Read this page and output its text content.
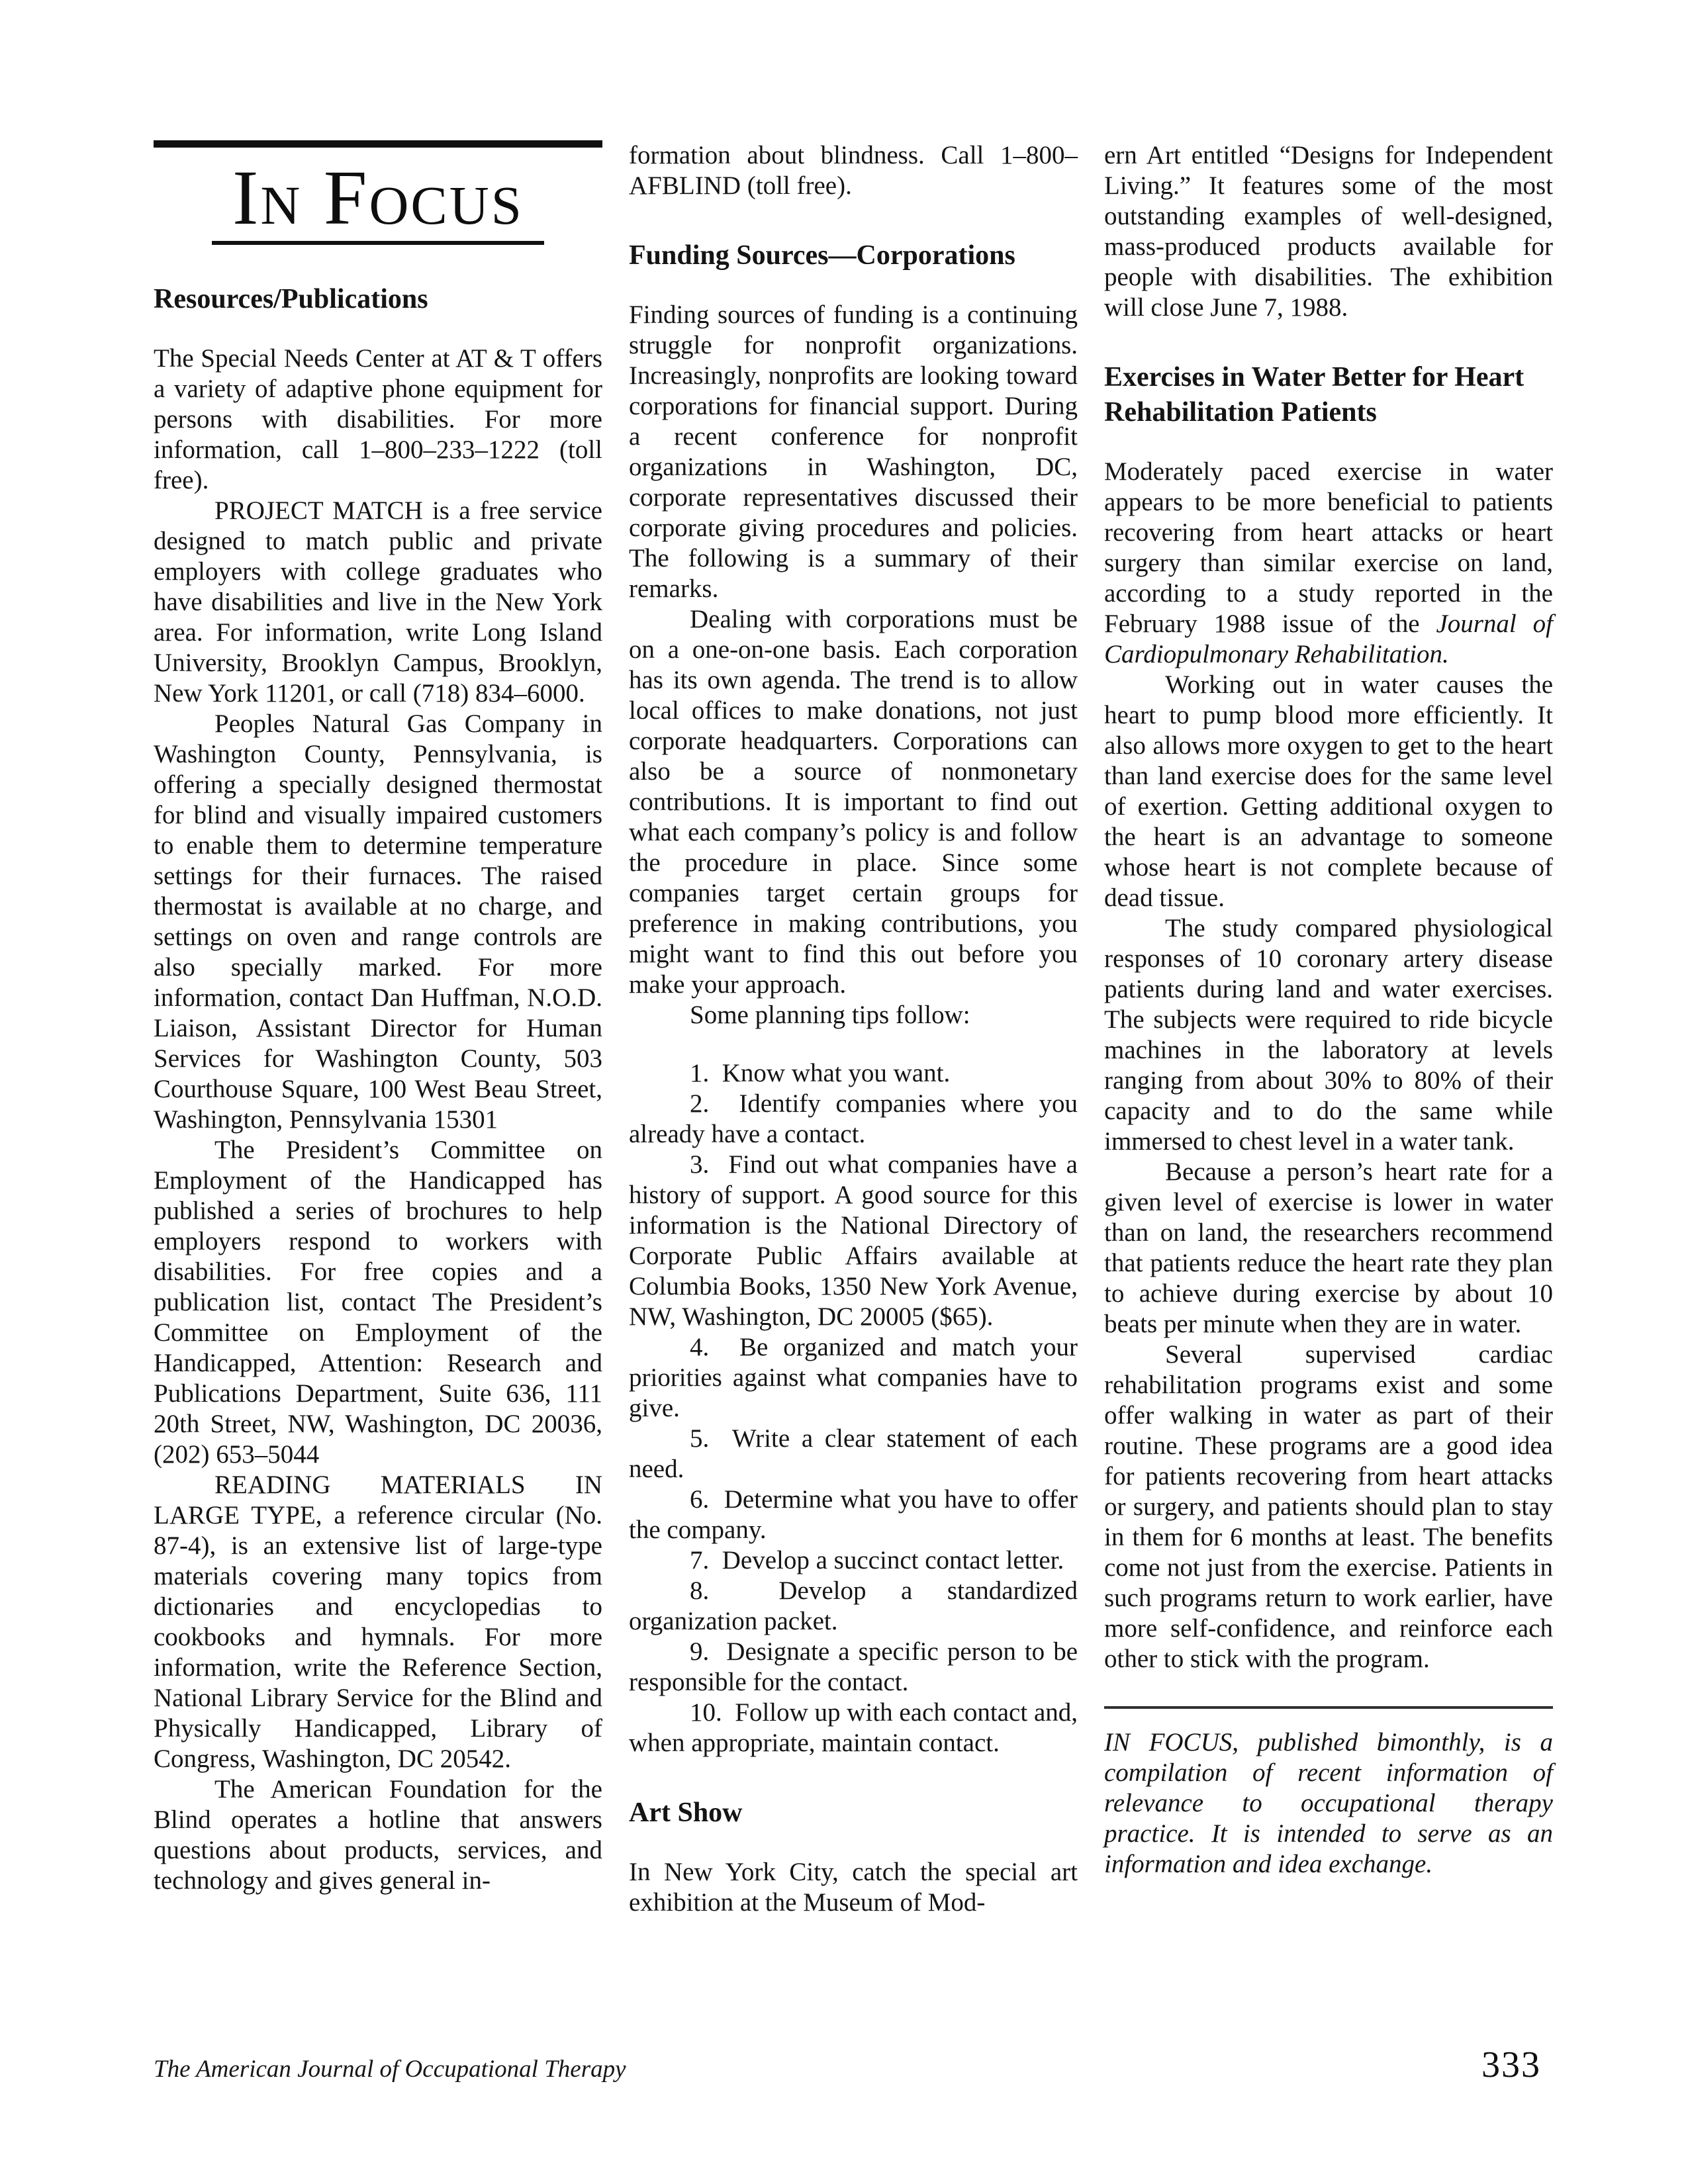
In Focus
Resources/Publications

The Special Needs Center at AT & T offers a variety of adaptive phone equipment for persons with disabilities. For more information, call 1–800–233–1222 (toll free).

PROJECT MATCH is a free service designed to match public and private employers with college graduates who have disabilities and live in the New York area. For information, write Long Island University, Brooklyn Campus, Brooklyn, New York 11201, or call (718) 834–6000.

Peoples Natural Gas Company in Washington County, Pennsylvania, is offering a specially designed thermostat for blind and visually impaired customers to enable them to determine temperature settings for their furnaces. The raised thermostat is available at no charge, and settings on oven and range controls are also specially marked. For more information, contact Dan Huffman, N.O.D. Liaison, Assistant Director for Human Services for Washington County, 503 Courthouse Square, 100 West Beau Street, Washington, Pennsylvania 15301

The President’s Committee on Employment of the Handicapped has published a series of brochures to help employers respond to workers with disabilities. For free copies and a publication list, contact The President’s Committee on Employment of the Handicapped, Attention: Research and Publications Department, Suite 636, 111 20th Street, NW, Washington, DC 20036, (202) 653–5044

READING MATERIALS IN LARGE TYPE, a reference circular (No. 87-4), is an extensive list of large-type materials covering many topics from dictionaries and encyclopedias to cookbooks and hymnals. For more information, write the Reference Section, National Library Service for the Blind and Physically Handicapped, Library of Congress, Washington, DC 20542.

The American Foundation for the Blind operates a hotline that answers questions about products, services, and technology and gives general in-

formation about blindness. Call 1–800–AFBLIND (toll free).

Funding Sources—Corporations

Finding sources of funding is a continuing struggle for nonprofit organizations. Increasingly, nonprofits are looking toward corporations for financial support. During a recent conference for nonprofit organizations in Washington, DC, corporate representatives discussed their corporate giving procedures and policies. The following is a summary of their remarks.

Dealing with corporations must be on a one-on-one basis. Each corporation has its own agenda. The trend is to allow local offices to make donations, not just corporate headquarters. Corporations can also be a source of nonmonetary contributions. It is important to find out what each company’s policy is and follow the procedure in place. Since some companies target certain groups for preference in making contributions, you might want to find this out before you make your approach.

Some planning tips follow:

1.  Know what you want.

2.  Identify companies where you already have a contact.

3.  Find out what companies have a history of support. A good source for this information is the National Directory of Corporate Public Affairs available at Columbia Books, 1350 New York Avenue, NW, Washington, DC 20005 ($65).

4.  Be organized and match your priorities against what companies have to give.

5.  Write a clear statement of each need.

6.  Determine what you have to offer the company.

7.  Develop a succinct contact letter.

8.  Develop a standardized organization packet.

9.  Designate a specific person to be responsible for the contact.

10.  Follow up with each contact and, when appropriate, maintain contact.

Art Show

In New York City, catch the special art exhibition at the Museum of Mod-

ern Art entitled “Designs for Independent Living.” It features some of the most outstanding examples of well-designed, mass-produced products available for people with disabilities. The exhibition will close June 7, 1988.

Exercises in Water Better for Heart Rehabilitation Patients

Moderately paced exercise in water appears to be more beneficial to patients recovering from heart attacks or heart surgery than similar exercise on land, according to a study reported in the February 1988 issue of the Journal of Cardiopulmonary Rehabilitation.

Working out in water causes the heart to pump blood more efficiently. It also allows more oxygen to get to the heart than land exercise does for the same level of exertion. Getting additional oxygen to the heart is an advantage to someone whose heart is not complete because of dead tissue.

The study compared physiological responses of 10 coronary artery disease patients during land and water exercises. The subjects were required to ride bicycle machines in the laboratory at levels ranging from about 30% to 80% of their capacity and to do the same while immersed to chest level in a water tank.

Because a person’s heart rate for a given level of exercise is lower in water than on land, the researchers recommend that patients reduce the heart rate they plan to achieve during exercise by about 10 beats per minute when they are in water.

Several supervised cardiac rehabilitation programs exist and some offer walking in water as part of their routine. These programs are a good idea for patients recovering from heart attacks or surgery, and patients should plan to stay in them for 6 months at least. The benefits come not just from the exercise. Patients in such programs return to work earlier, have more self-confidence, and reinforce each other to stick with the program.

IN FOCUS, published bimonthly, is a compilation of recent information of relevance to occupational therapy practice. It is intended to serve as an information and idea exchange.

The American Journal of Occupational Therapy	333
